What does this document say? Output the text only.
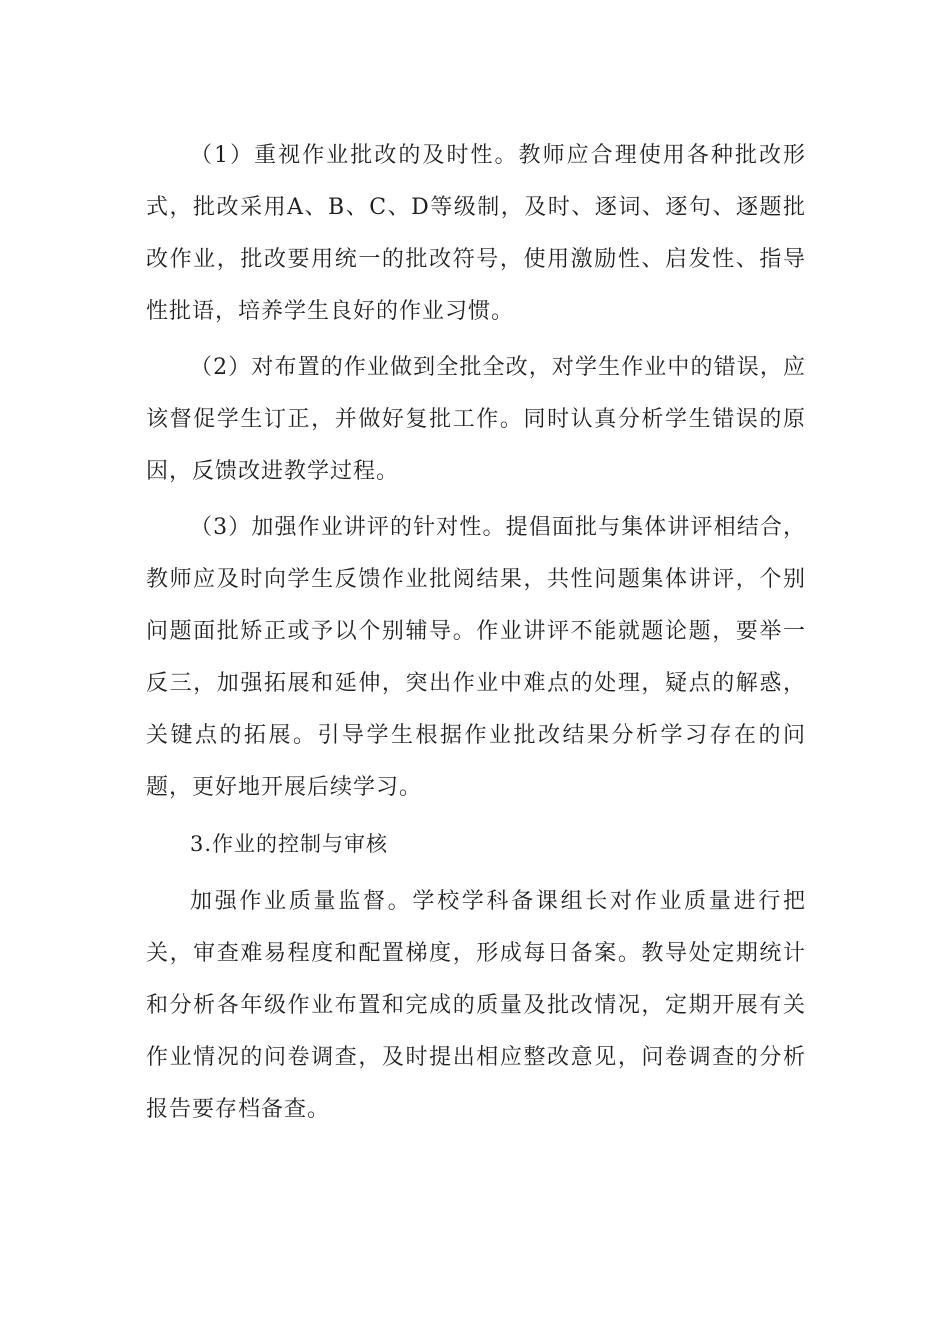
（1）重视作业批改的及时性。教师应合理使用各种批改形式，批改采用A、B、C、D等级制，及时、逐词、逐句、逐题批改作业，批改要用统一的批改符号，使用激励性、启发性、指导性批语，培养学生良好的作业习惯。

（2）对布置的作业做到全批全改，对学生作业中的错误，应该督促学生订正，并做好复批工作。同时认真分析学生错误的原因，反馈改进教学过程。

（3）加强作业讲评的针对性。提倡面批与集体讲评相结合，教师应及时向学生反馈作业批阅结果，共性问题集体讲评，个别问题面批矫正或予以个别辅导。作业讲评不能就题论题，要举一反三，加强拓展和延伸，突出作业中难点的处理，疑点的解惑，关键点的拓展。引导学生根据作业批改结果分析学习存在的问题，更好地开展后续学习。

3.作业的控制与审核

加强作业质量监督。学校学科备课组长对作业质量进行把关，审查难易程度和配置梯度，形成每日备案。教导处定期统计和分析各年级作业布置和完成的质量及批改情况，定期开展有关作业情况的问卷调查，及时提出相应整改意见，问卷调查的分析报告要存档备查。
